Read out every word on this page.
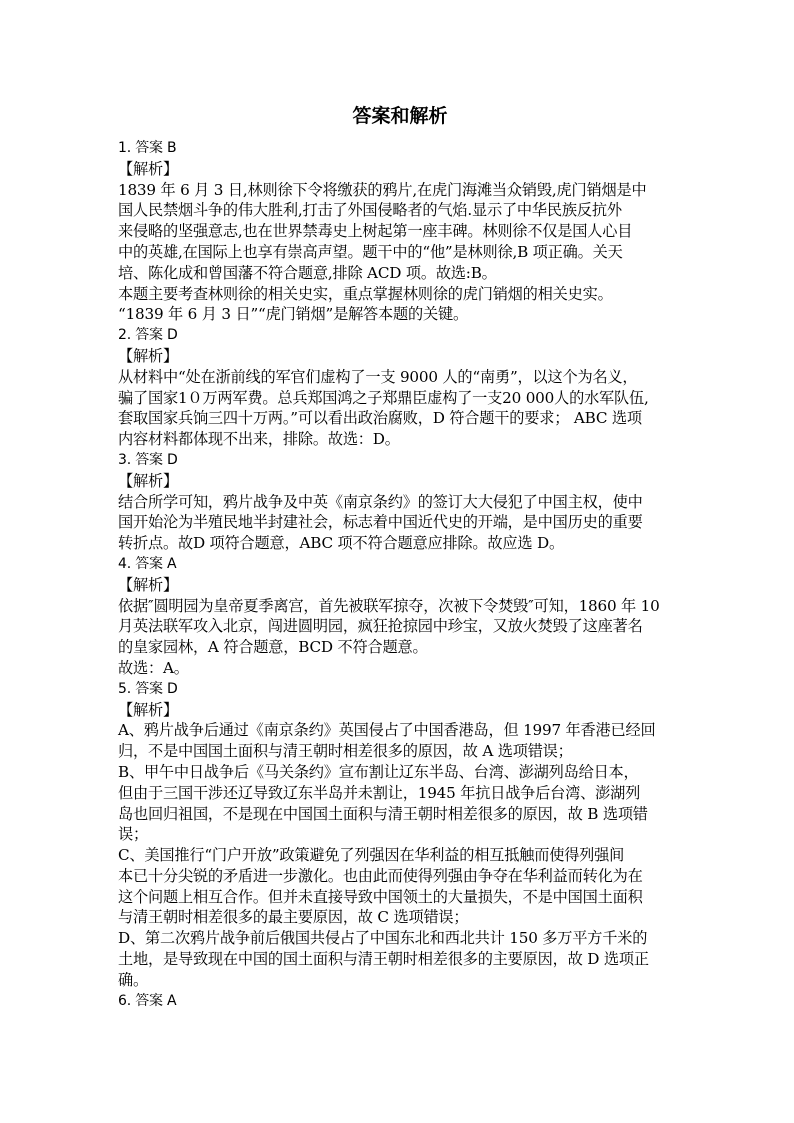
答案和解析

1. 答案 B

【解析】

1839 年 6 月 3 日,林则徐下令将缴获的鸦片,在虎门海滩当众销毁,虎门销烟是中

国人民禁烟斗争的伟大胜利,打击了外国侵略者的气焰.显示了中华民族反抗外

来侵略的坚强意志,也在世界禁毒史上树起第一座丰碑。林则徐不仅是国人心目

中的英雄,在国际上也享有崇高声望。题干中的“他”是林则徐,B 项正确。关天

培、陈化成和曾国藩不符合题意,排除 ACD 项。故选:B。

本题主要考查林则徐的相关史实，重点掌握林则徐的虎门销烟的相关史实。

“1839 年 6 月 3 日”“虎门销烟”是解答本题的关键。

2. 答案 D

【解析】

从材料中“处在浙前线的军官们虚构了一支 9000 人的“南勇”，以这个为名义，

骗了国家1０万两军费。总兵郑国鸿之子郑鼎臣虚构了一支20 000人的水军队伍,

套取国家兵饷三四十万两。”可以看出政治腐败，D 符合题干的要求； ABC 选项

内容材料都体现不出来，排除。故选：D。

3. 答案 D

【解析】

结合所学可知，鸦片战争及中英《南京条约》的签订大大侵犯了中国主权，使中

国开始沦为半殖民地半封建社会，标志着中国近代史的开端，是中国历史的重要

转折点。故D 项符合题意，ABC 项不符合题意应排除。故应选 D。

4. 答案 A

【解析】

依据″圆明园为皇帝夏季离宫，首先被联军掠夺，次被下令焚毁″可知，1860 年 10

月英法联军攻入北京，闯进圆明园，疯狂抢掠园中珍宝，又放火焚毁了这座著名

的皇家园林，A 符合题意，BCD 不符合题意。

故选：A。

5. 答案 D

【解析】

A、鸦片战争后通过《南京条约》英国侵占了中国香港岛，但 1997 年香港已经回

归，不是中国国土面积与清王朝时相差很多的原因，故 A 选项错误；

B、甲午中日战争后《马关条约》宣布割让辽东半岛、台湾、澎湖列岛给日本，

但由于三国干涉还辽导致辽东半岛并未割让，1945 年抗日战争后台湾、澎湖列

岛也回归祖国，不是现在中国国土面积与清王朝时相差很多的原因，故 B 选项错

误；

C、美国推行“门户开放”政策避免了列强因在华利益的相互抵触而使得列强间

本已十分尖锐的矛盾进一步激化。也由此而使得列强由争夺在华利益而转化为在

这个问题上相互合作。但并未直接导致中国领土的大量损失，不是中国国土面积

与清王朝时相差很多的最主要原因，故 C 选项错误；

D、第二次鸦片战争前后俄国共侵占了中国东北和西北共计 150 多万平方千米的

土地，是导致现在中国的国土面积与清王朝时相差很多的主要原因，故 D 选项正

确。

6. 答案 A
